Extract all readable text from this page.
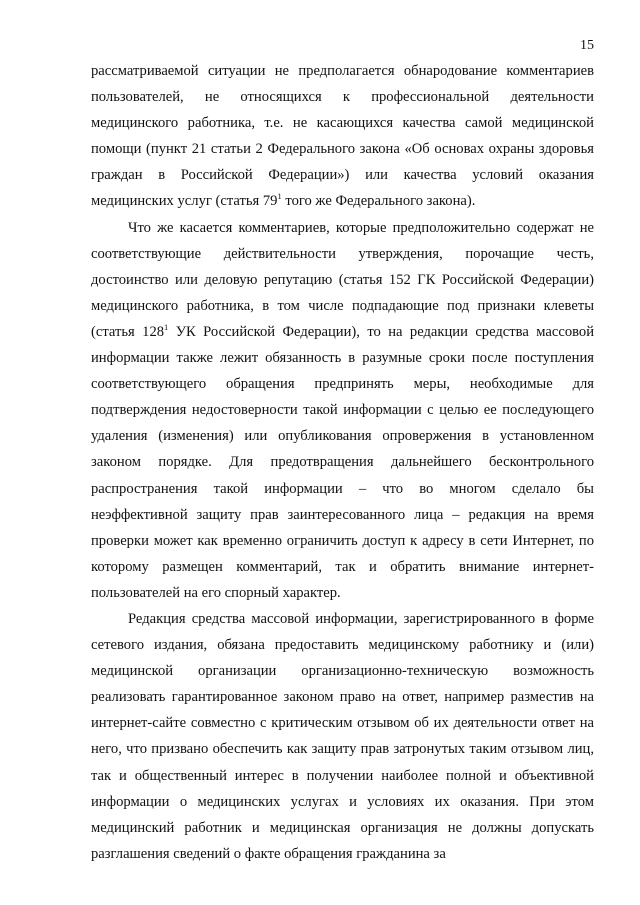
15

рассматриваемой ситуации не предполагается обнародование комментариев пользователей, не относящихся к профессиональной деятельности медицинского работника, т.е. не касающихся качества самой медицинской помощи (пункт 21 статьи 2 Федерального закона «Об основах охраны здоровья граждан в Российской Федерации») или качества условий оказания медицинских услуг (статья $79^1$ того же Федерального закона).

Что же касается комментариев, которые предположительно содержат не соответствующие действительности утверждения, порочащие честь, достоинство или деловую репутацию (статья 152 ГК Российской Федерации) медицинского работника, в том числе подпадающие под признаки клеветы (статья $128^1$ УК Российской Федерации), то на редакции средства массовой информации также лежит обязанность в разумные сроки после поступления соответствующего обращения предпринять меры, необходимые для подтверждения недостоверности такой информации с целью ее последующего удаления (изменения) или опубликования опровержения в установленном законом порядке. Для предотвращения дальнейшего бесконтрольного распространения такой информации – что во многом сделало бы неэффективной защиту прав заинтересованного лица – редакция на время проверки может как временно ограничить доступ к адресу в сети Интернет, по которому размещен комментарий, так и обратить внимание интернет-пользователей на его спорный характер.

Редакция средства массовой информации, зарегистрированного в форме сетевого издания, обязана предоставить медицинскому работнику и (или) медицинской организации организационно-техническую возможность реализовать гарантированное законом право на ответ, например разместив на интернет-сайте совместно с критическим отзывом об их деятельности ответ на него, что призвано обеспечить как защиту прав затронутых таким отзывом лиц, так и общественный интерес в получении наиболее полной и объективной информации о медицинских услугах и условиях их оказания. При этом медицинский работник и медицинская организация не должны допускать разглашения сведений о факте обращения гражданина за
